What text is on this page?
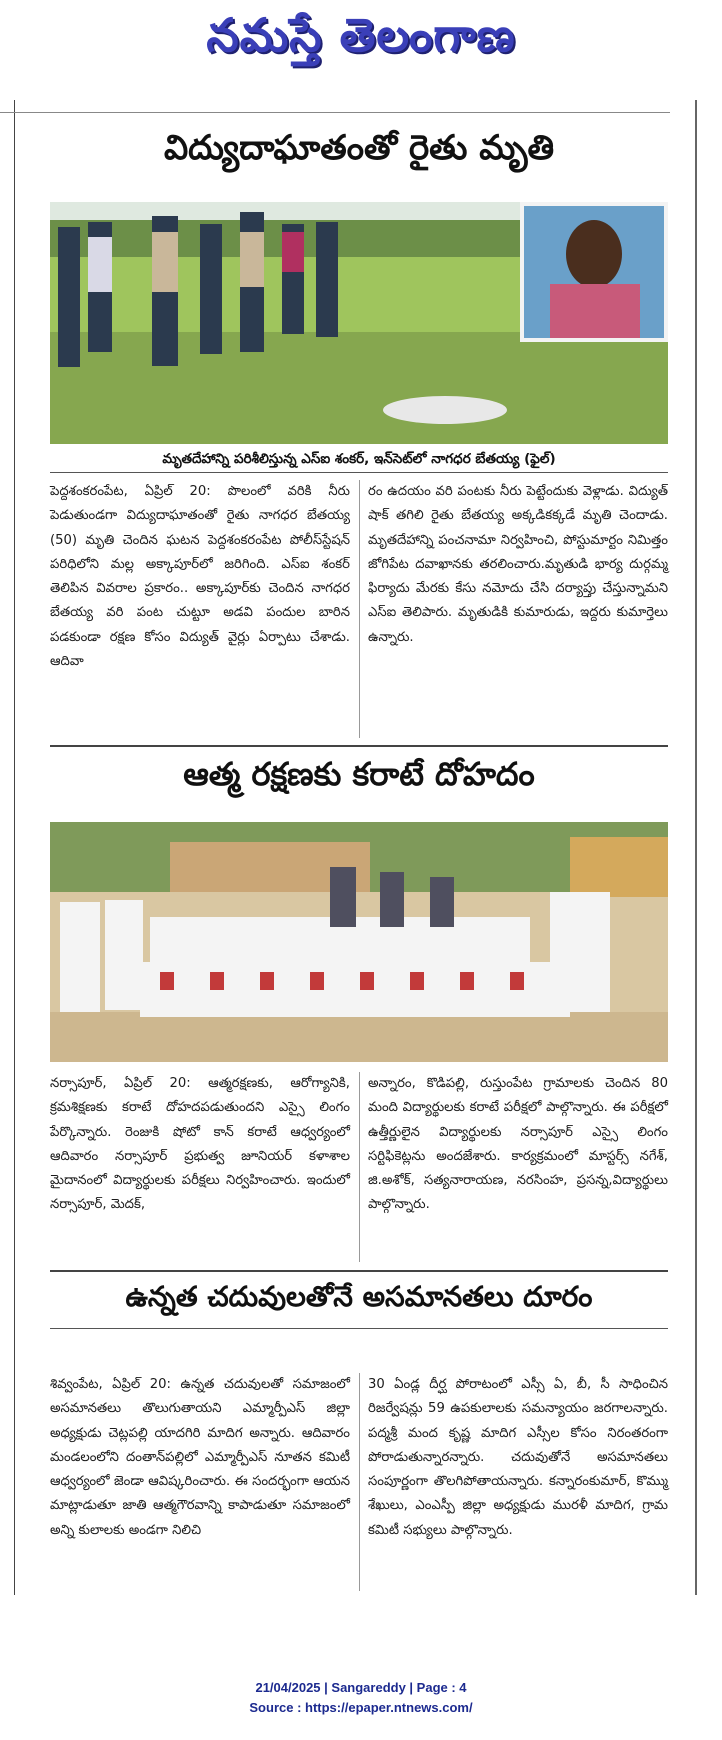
నమస్తే తెలంగాణ
విద్యుదాఘాతంతో రైతు మృతి
మృతదేహాన్ని పరిశీలిస్తున్న ఎస్ఐ శంకర్, ఇన్‌సెట్‌లో నాగధర బేతయ్య (ఫైల్)

పెద్దశంకరంపేట, ఏప్రిల్ 20: పొలంలో వరికి నీరు పెడుతుండగా విద్యుదాఘాతంతో రైతు నాగధర బేతయ్య (50) మృతి చెందిన ఘటన పెద్దశంకరంపేట పోలీస్‌స్టేషన్ పరిధిలోని మల్ల అక్కాపూర్‌లో జరిగింది. ఎస్ఐ శంకర్ తెలిపిన వివరాల ప్రకారం.. అక్కాపూర్‌కు చెందిన నాగధర బేతయ్య వరి పంట చుట్టూ అడవి పందుల బారిన పడకుండా రక్షణ కోసం విద్యుత్ వైర్లు ఏర్పాటు చేశాడు. ఆదివా

రం ఉదయం వరి పంటకు నీరు పెట్టేందుకు వెళ్లాడు. విద్యుత్ షాక్ తగిలి రైతు బేతయ్య అక్కడికక్కడే మృతి చెందాడు. మృతదేహాన్ని పంచనామా నిర్వహించి, పోస్టుమార్టం నిమిత్తం జోగిపేట దవాఖానకు తరలించారు.మృతుడి భార్య దుర్గమ్మ ఫిర్యాదు మేరకు కేసు నమోదు చేసి దర్యాప్తు చేస్తున్నామని ఎస్ఐ తెలిపారు. మృతుడికి కుమారుడు, ఇద్దరు కుమార్తెలు ఉన్నారు.

ఆత్మ రక్షణకు కరాటే దోహదం

నర్సాపూర్, ఏప్రిల్ 20: ఆత్మరక్షణకు, ఆరోగ్యానికి, క్రమశిక్షణకు కరాటే దోహదపడుతుందని ఎస్సై లింగం పేర్కొన్నారు. రెంజుకి షోటో కాన్ కరాటే ఆధ్వర్యంలో ఆదివారం నర్సాపూర్ ప్రభుత్వ జూనియర్ కళాశాల మైదానంలో విద్యార్థులకు పరీక్షలు నిర్వహించారు. ఇందులో నర్సాపూర్, మెదక్,

అన్నారం, కొడిపల్లి, రుస్తుంపేట గ్రామాలకు చెందిన 80 మంది విద్యార్థులకు కరాటే పరీక్షలో పాల్గొన్నారు. ఈ పరీక్షలో ఉత్తీర్ణులైన విద్యార్థులకు నర్సాపూర్ ఎస్సై లింగం సర్టిఫికెట్లను అందజేశారు. కార్యక్రమంలో మాస్టర్స్ నగేశ్, జి.అశోక్, సత్యనారాయణ, నరసింహ, ప్రసన్న,విద్యార్థులు పాల్గొన్నారు.

ఉన్నత చదువులతోనే అసమానతలు దూరం

శివ్వంపేట, ఏప్రిల్ 20: ఉన్నత చదువులతో సమాజంలో అసమానతలు తొలుగుతాయని ఎమ్మార్పీఎస్ జిల్లా అధ్యక్షుడు చెట్లపల్లి యాదగిరి మాదిగ అన్నారు. ఆదివారం మండలంలోని దంతాన్‌పల్లిలో ఎమ్మార్పీఎస్ నూతన కమిటీ ఆధ్వర్యంలో జెండా ఆవిష్కరించారు. ఈ సందర్భంగా ఆయన మాట్లాడుతూ జాతి ఆత్మగౌరవాన్ని కాపాడుతూ సమాజంలో అన్ని కులాలకు అండగా నిలిచి

30 ఏండ్ల దీర్ఘ పోరాటంలో ఎస్సీ ఏ, బీ, సీ సాధించిన రిజర్వేషన్లు 59 ఉపకులాలకు సమన్యాయం జరగాలన్నారు. పద్మశ్రీ మంద కృష్ణ మాదిగ ఎస్సీల కోసం నిరంతరంగా పోరాడుతున్నారన్నారు. చదువుతోనే అసమానతలు సంపూర్ణంగా తొలగిపోతాయన్నారు. కన్నారంకుమార్, కొమ్ము శేఖులు, ఎంఎస్పీ జిల్లా అధ్యక్షుడు మురళీ మాదిగ, గ్రామ కమిటీ సభ్యులు పాల్గొన్నారు.

21/04/2025 | Sangareddy | Page : 4
Source : https://epaper.ntnews.com/
